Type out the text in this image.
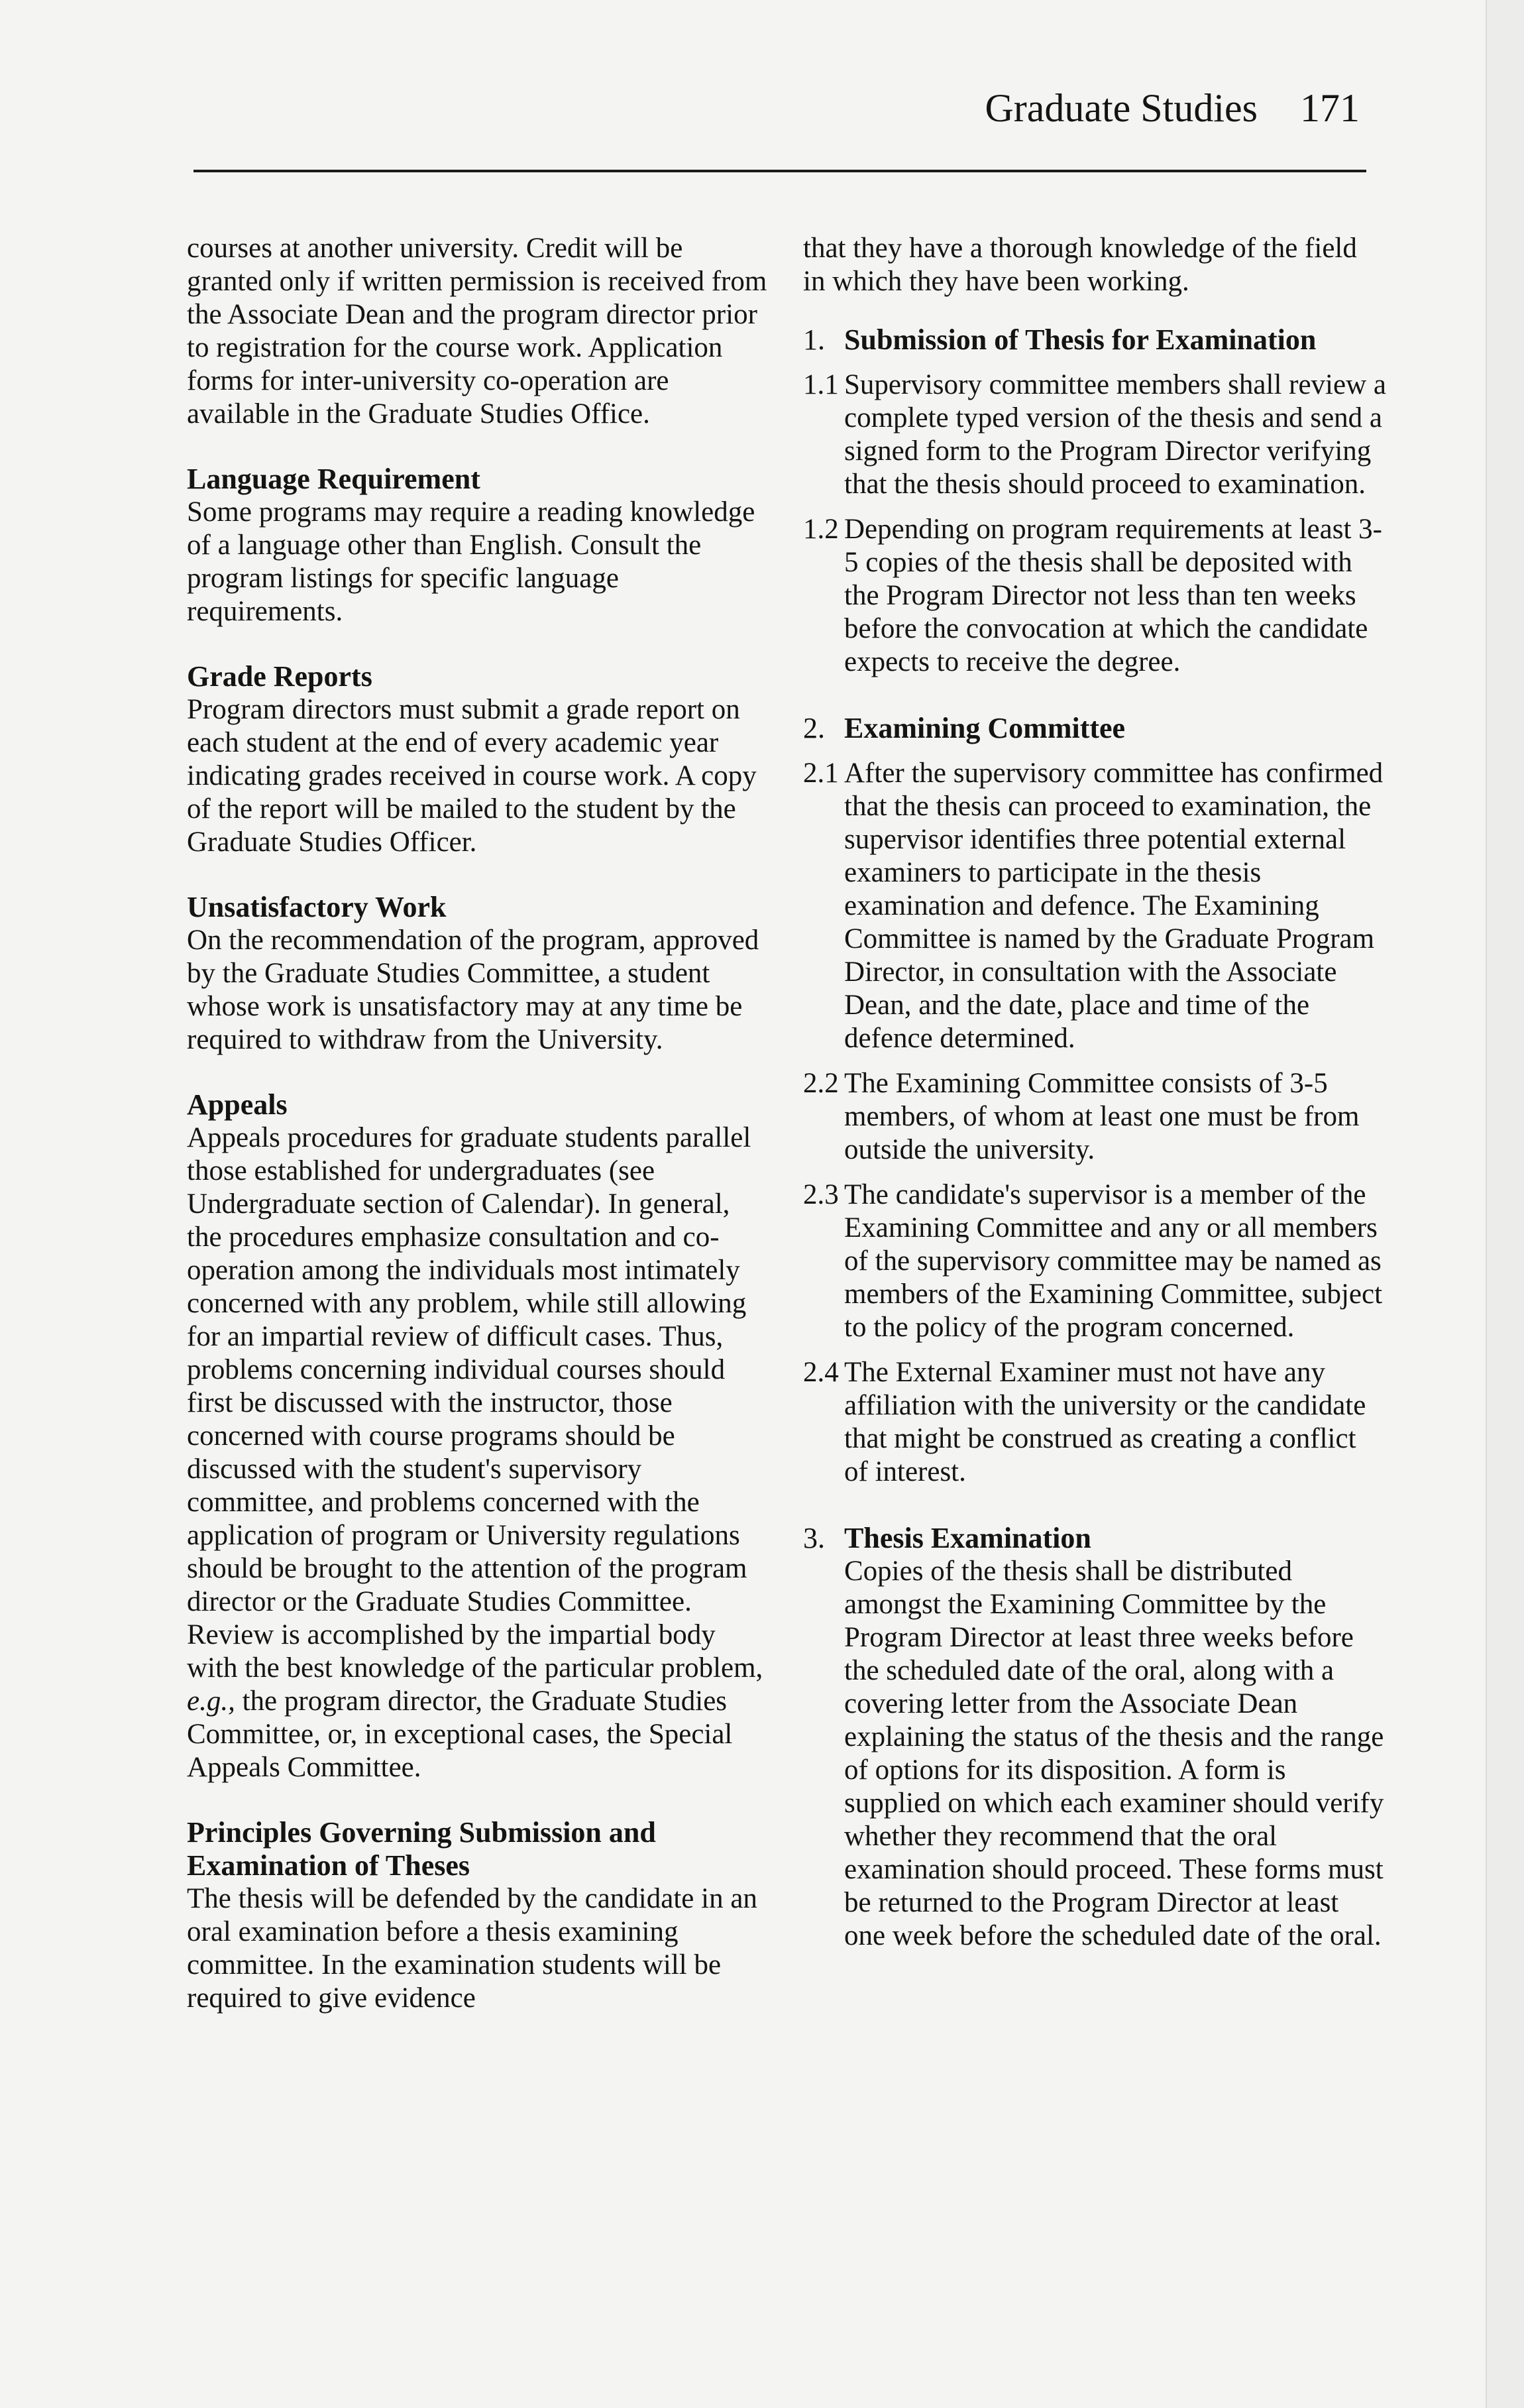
Graduate Studies 171

courses at another university. Credit will be granted only if written permission is received from the Associate Dean and the program director prior to registration for the course work. Application forms for inter-university co-operation are available in the Graduate Studies Office.

Language Requirement

Some programs may require a reading knowledge of a language other than English. Consult the program listings for specific language requirements.

Grade Reports

Program directors must submit a grade report on each student at the end of every academic year indicating grades received in course work. A copy of the report will be mailed to the student by the Graduate Studies Officer.

Unsatisfactory Work

On the recommendation of the program, approved by the Graduate Studies Committee, a student whose work is unsatisfactory may at any time be required to withdraw from the University.

Appeals

Appeals procedures for graduate students parallel those established for undergraduates (see Undergraduate section of Calendar). In general, the procedures emphasize consultation and co-operation among the individuals most intimately concerned with any problem, while still allowing for an impartial review of difficult cases. Thus, problems concerning individual courses should first be discussed with the instructor, those concerned with course programs should be discussed with the student's supervisory committee, and problems concerned with the application of program or University regulations should be brought to the attention of the program director or the Graduate Studies Committee. Review is accomplished by the impartial body with the best knowledge of the particular problem, e.g., the program director, the Graduate Studies Committee, or, in exceptional cases, the Special Appeals Committee.

Principles Governing Submission and Examination of Theses

The thesis will be defended by the candidate in an oral examination before a thesis examining committee. In the examination students will be required to give evidence

that they have a thorough knowledge of the field in which they have been working.

1. Submission of Thesis for Examination
1.1 Supervisory committee members shall review a complete typed version of the thesis and send a signed form to the Program Director verifying that the thesis should proceed to examination.
1.2 Depending on program requirements at least 3-5 copies of the thesis shall be deposited with the Program Director not less than ten weeks before the convocation at which the candidate expects to receive the degree.
2. Examining Committee
2.1 After the supervisory committee has confirmed that the thesis can proceed to examination, the supervisor identifies three potential external examiners to participate in the thesis examination and defence. The Examining Committee is named by the Graduate Program Director, in consultation with the Associate Dean, and the date, place and time of the defence determined.
2.2 The Examining Committee consists of 3-5 members, of whom at least one must be from outside the university.
2.3 The candidate's supervisor is a member of the Examining Committee and any or all members of the supervisory committee may be named as members of the Examining Committee, subject to the policy of the program concerned.
2.4 The External Examiner must not have any affiliation with the university or the candidate that might be construed as creating a conflict of interest.
3. Thesis Examination

Copies of the thesis shall be distributed amongst the Examining Committee by the Program Director at least three weeks before the scheduled date of the oral, along with a covering letter from the Associate Dean explaining the status of the thesis and the range of options for its disposition. A form is supplied on which each examiner should verify whether they recommend that the oral examination should proceed. These forms must be returned to the Program Director at least one week before the scheduled date of the oral.
